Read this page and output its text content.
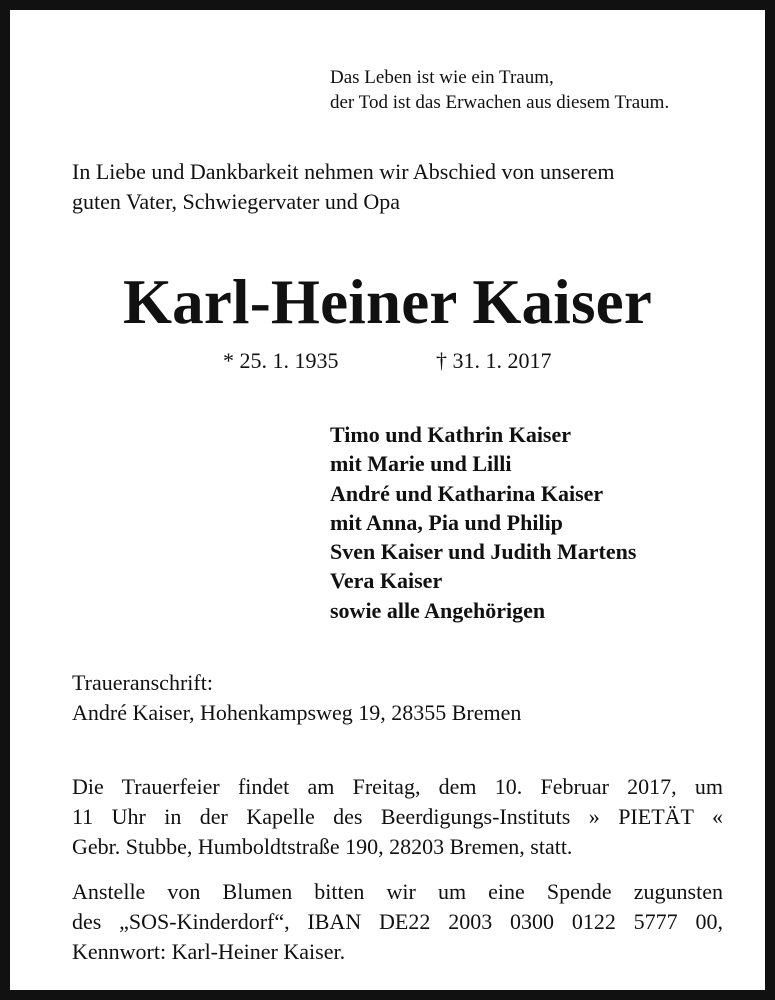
Das Leben ist wie ein Traum,
der Tod ist das Erwachen aus diesem Traum.
In Liebe und Dankbarkeit nehmen wir Abschied von unserem
guten Vater, Schwiegervater und Opa
Karl-Heiner Kaiser
* 25. 1. 1935	† 31. 1. 2017
Timo und Kathrin Kaiser
mit Marie und Lilli
André und Katharina Kaiser
mit Anna, Pia und Philip
Sven Kaiser und Judith Martens
Vera Kaiser
sowie alle Angehörigen
Traueranschrift:
André Kaiser, Hohenkampsweg 19, 28355 Bremen
Die Trauerfeier findet am Freitag, dem 10. Februar 2017, um
11 Uhr in der Kapelle des Beerdigungs-Instituts » PIETÄT «
Gebr. Stubbe, Humboldtstraße 190, 28203 Bremen, statt.
Anstelle von Blumen bitten wir um eine Spende zugunsten
des „SOS-Kinderdorf“, IBAN DE22 2003 0300 0122 5777 00,
Kennwort: Karl-Heiner Kaiser.
